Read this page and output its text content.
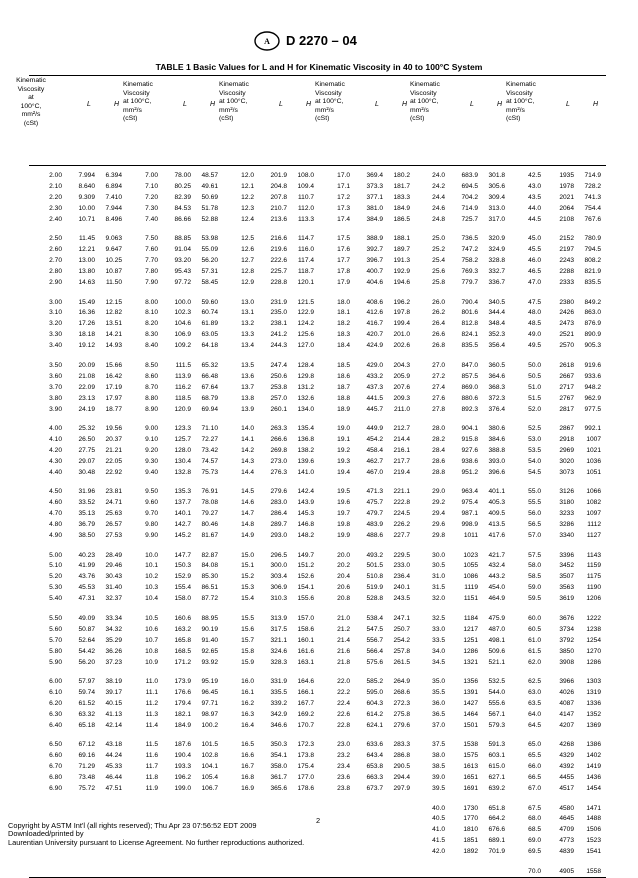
A D 2270 – 04
TABLE 1 Basic Values for L and H for Kinematic Viscosity in 40 to 100°C System
Kinematic
Viscosity
at
100°C,
mm²/s
(cSt)
L	H
Kinematic
Viscosity
at 100°C,
mm²/s
(cSt)
L	H
Kinematic
Viscosity
at 100°C,
mm²/s
(cSt)
L	H
Kinematic
Viscosity
at 100°C,
mm²/s
(cSt)
L	H
Kinematic
Viscosity
at 100°C,
mm²/s
(cSt)
L	H
Kinematic
Viscosity
at 100°C,
mm²/s
(cSt)
L	H
2.00 7.994 6.394	7.00 78.00 48.57	12.0 201.9 108.0	17.0 369.4 180.2	24.0 683.9 301.8	42.5	1935 714.9
2.10 8.640 6.894	7.10 80.25 49.61	12.1 204.8 109.4	17.1 373.3 181.7	24.2 694.5 305.6	43.0	1978 728.2
2.20 9.309 7.410	7.20 82.39 50.69	12.2 207.8 110.7	17.2 377.1 183.3	24.4 704.2 309.4	43.5	2021 741.3
2.30 10.00 7.944	7.30 84.53 51.78	12.3 210.7 112.0	17.3 381.0 184.9	24.6 714.9 313.0	44.0	2064 754.4
2.40 10.71 8.496	7.40 86.66 52.88	12.4 213.6 113.3	17.4 384.9 186.5	24.8 725.7 317.0	44.5	2108 767.6
2.50	11.45 9.063	7.50 88.85 53.98	12.5 216.6 114.7	17.5 388.9 188.1	25.0 736.5 320.9	45.0	2152 780.9
2.60 12.21 9.647	7.60 91.04 55.09	12.6 219.6 116.0	17.6 392.7 189.7	25.2 747.2 324.9	45.5	2197 794.5
2.70 13.00 10.25	7.70 93.20 56.20	12.7 222.6 117.4	17.7 396.7 191.3	25.4 758.2 328.8	46.0	2243 808.2
2.80 13.80 10.87	7.80 95.43 57.31	12.8 225.7 118.7	17.8 400.7 192.9	25.6 769.3 332.7	46.5	2288 821.9
2.90 14.63 11.50	7.90 97.72 58.45	12.9 228.8 120.1	17.9 404.6 194.6	25.8 779.7 336.7	47.0	2333 835.5
3.00 15.49 12.15	8.00 100.0 59.60	13.0 231.9 121.5	18.0 408.6 196.2	26.0 790.4 340.5	47.5	2380 849.2
3.10 16.36 12.82	8.10 102.3 60.74	13.1 235.0 122.9	18.1 412.6 197.8	26.2 801.6 344.4	48.0	2426 863.0
3.20 17.26 13.51	8.20 104.6 61.89	13.2 238.1 124.2	18.2 416.7 199.4	26.4 812.8 348.4	48.5	2473 876.9
3.30 18.18 14.21	8.30 106.9 63.05	13.3 241.2 125.6	18.3 420.7 201.0	26.6 824.1 352.3	49.0	2521 890.9
3.40 19.12 14.93	8.40 109.2 64.18	13.4 244.3 127.0	18.4 424.9 202.6	26.8 835.5 356.4	49.5	2570 905.3
3.50 20.09 15.66	8.50	111.5 65.32	13.5 247.4 128.4	18.5 429.0 204.3	27.0 847.0 360.5	50.0	2618 919.6
3.60 21.08 16.42	8.60	113.9 66.48	13.6 250.6 129.8	18.6 433.2 205.9	27.2 857.5 364.6	50.5	2667 933.6
3.70 22.09 17.19	8.70	116.2 67.64	13.7 253.8 131.2	18.7 437.3 207.6	27.4 869.0 368.3	51.0	2717 948.2
3.80 23.13 17.97	8.80	118.5 68.79	13.8 257.0 132.6	18.8 441.5 209.3	27.6 880.6 372.3	51.5	2767 962.9
3.90 24.19 18.77	8.90 120.9 69.94	13.9 260.1 134.0	18.9 445.7 211.0	27.8 892.3 376.4	52.0	2817 977.5
4.00 25.32 19.56	9.00 123.3 71.10	14.0 263.3 135.4	19.0 449.9 212.7	28.0 904.1 380.6	52.5	2867 992.1
4.10 26.50 20.37	9.10 125.7 72.27	14.1 266.6 136.8	19.1 454.2 214.4	28.2 915.8 384.6	53.0	2918 1007
4.20 27.75 21.21	9.20 128.0 73.42	14.2 269.8 138.2	19.2 458.4 216.1	28.4 927.6 388.8	53.5	2969 1021
4.30 29.07 22.05	9.30 130.4 74.57	14.3 273.0 139.6	19.3 462.7 217.7	28.6 938.6 393.0	54.0	3020 1036
4.40 30.48 22.92	9.40 132.8 75.73	14.4 276.3 141.0	19.4 467.0 219.4	28.8 951.2 396.6	54.5	3073 1051
4.50 31.96 23.81	9.50 135.3 76.91	14.5 279.6 142.4	19.5 471.3 221.1	29.0 963.4 401.1	55.0	3126 1066
4.60 33.52 24.71	9.60 137.7 78.08	14.6 283.0 143.9	19.6 475.7 222.8	29.2 975.4 405.3	55.5	3180 1082
4.70 35.13 25.63	9.70 140.1 79.27	14.7 286.4 145.3	19.7 479.7 224.5	29.4 987.1 409.5	56.0	3233 1097
4.80 36.79 26.57	9.80 142.7 80.46	14.8 289.7 146.8	19.8 483.9 226.2	29.6 998.9 413.5	56.5	3286 1112
4.90 38.50 27.53	9.90 145.2 81.67	14.9 293.0 148.2	19.9 488.6 227.7	29.8	1011 417.6	57.0	3340 1127
5.00 40.23 28.49	10.0 147.7 82.87	15.0 296.5 149.7	20.0 493.2 229.5	30.0	1023 421.7	57.5	3396 1143
5.10 41.99 29.46	10.1 150.3 84.08	15.1 300.0 151.2	20.2 501.5 233.0	30.5	1055 432.4	58.0	3452 1159
5.20 43.76 30.43	10.2 152.9 85.30	15.2 303.4 152.6	20.4 510.8 236.4	31.0	1086 443.2	58.5	3507 1175
5.30 45.53 31.40	10.3 155.4 86.51	15.3 306.9 154.1	20.6 519.9 240.1	31.5	1119 454.0	59.0	3563 1190
5.40 47.31 32.37	10.4 158.0 87.72	15.4 310.3 155.6	20.8 528.8 243.5	32.0	1151 464.9	59.5	3619 1206
5.50 49.09 33.34	10.5 160.6 88.95	15.5 313.9 157.0	21.0 538.4 247.1	32.5	1184 475.9	60.0	3676 1222
5.60 50.87 34.32	10.6 163.2 90.19	15.6 317.5 158.6	21.2 547.5 250.7	33.0	1217 487.0	60.5	3734 1238
5.70 52.64 35.29	10.7 165.8 91.40	15.7 321.1 160.1	21.4 556.7 254.2	33.5	1251 498.1	61.0	3792 1254
5.80 54.42 36.26	10.8 168.5 92.65	15.8 324.6 161.6	21.6 566.4 257.8	34.0	1286 509.6	61.5	3850 1270
5.90 56.20 37.23	10.9 171.2 93.92	15.9 328.3 163.1	21.8 575.6 261.5	34.5	1321 521.1	62.0	3908 1286
6.00 57.97 38.19	11.0 173.9 95.19	16.0 331.9 164.6	22.0 585.2 264.9	35.0	1356 532.5	62.5	3966 1303
6.10 59.74 39.17	11.1 176.6 96.45	16.1 335.5 166.1	22.2 595.0 268.6	35.5	1391 544.0	63.0	4026 1319
6.20 61.52 40.15	11.2 179.4 97.71	16.2 339.2 167.7	22.4 604.3 272.3	36.0	1427 555.6	63.5	4087 1336
6.30 63.32 41.13	11.3 182.1 98.97	16.3 342.9 169.2	22.6 614.2 275.8	36.5	1464 567.1	64.0	4147 1352
6.40 65.18 42.14	11.4 184.9 100.2	16.4 346.6 170.7	22.8 624.1 279.6	37.0	1501 579.3	64.5	4207 1369
6.50 67.12 43.18	11.5 187.6 101.5	16.5 350.3 172.3	23.0 633.6 283.3	37.5	1538 591.3	65.0	4268 1386
6.60 69.16 44.24	11.6 190.4 102.8	16.6 354.1 173.8	23.2 643.4 286.8	38.0	1575 603.1	65.5	4329 1402
6.70 71.29 45.33	11.7 193.3 104.1	16.7 358.0 175.4	23.4 653.8 290.5	38.5	1613 615.0	66.0	4392 1419
6.80 73.48 46.44	11.8 196.2 105.4	16.8 361.7 177.0	23.6 663.3 294.4	39.0	1651 627.1	66.5	4455 1436
6.90 75.72 47.51	11.9 199.0 106.7	16.9 365.6 178.6	23.8 673.7 297.9	39.5	1691 639.2	67.0	4517 1454
40.0	1730 651.8	67.5	4580 1471
40.5	1770 664.2	68.0	4645 1488
41.0	1810 676.6	68.5	4709 1506
41.5	1851 689.1	69.0	4773 1523
42.0	1892 701.9	69.5	4839 1541
70.0	4905 1558
2
Copyright by ASTM Int'l (all rights reserved); Thu Apr 23 07:56:52 EDT 2009
Downloaded/printed by
Laurentian University pursuant to License Agreement. No further reproductions authorized.
